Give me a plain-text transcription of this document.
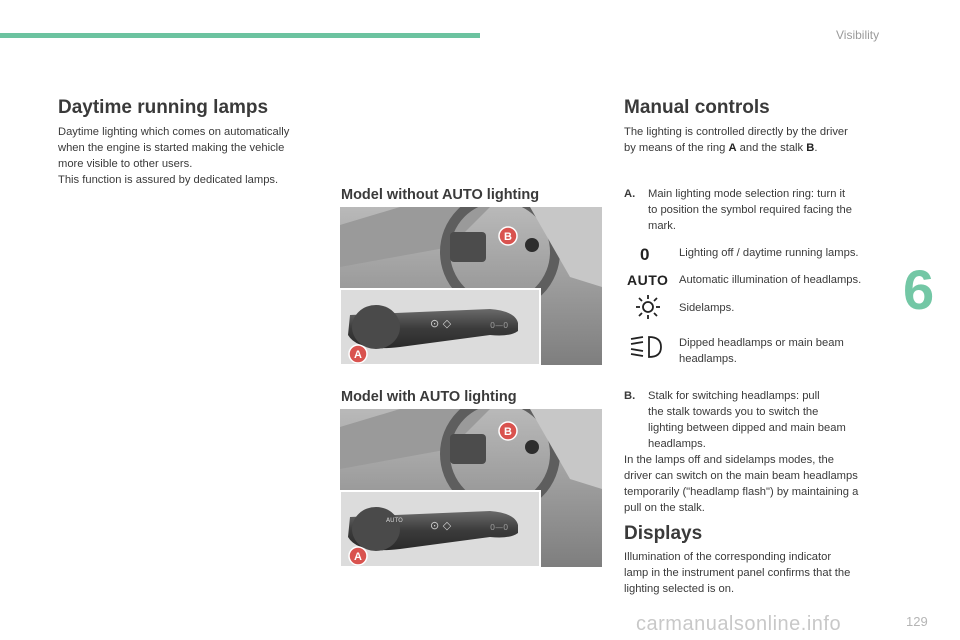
Visibility
6
Daytime running lamps

Daytime lighting which comes on automatically

when the engine is started making the vehicle

more visible to other users.

This function is assured by dedicated lamps.

Model without AUTO lighting
⊙ ◇	0—0
B
A
Model with AUTO lighting
AUTO ⊙ ◇	0—0
B
A
Manual controls

The lighting is controlled directly by the driver

by means of the ring A and the stalk B.

A. Main lighting mode selection ring: turn it
to position the symbol required facing the
mark.
0	Lighting off / daytime running lamps.
AUTO Automatic illumination of headlamps.
Sidelamps.
Dipped headlamps or main beam
headlamps.
B. Stalk for switching headlamps: pull
the stalk towards you to switch the
lighting between dipped and main beam
headlamps.

In the lamps off and sidelamps modes, the

driver can switch on the main beam headlamps

temporarily ("headlamp flash") by maintaining a

pull on the stalk.

Displays

Illumination of the corresponding indicator

lamp in the instrument panel confirms that the

lighting selected is on.

carmanualsonline.info	129
